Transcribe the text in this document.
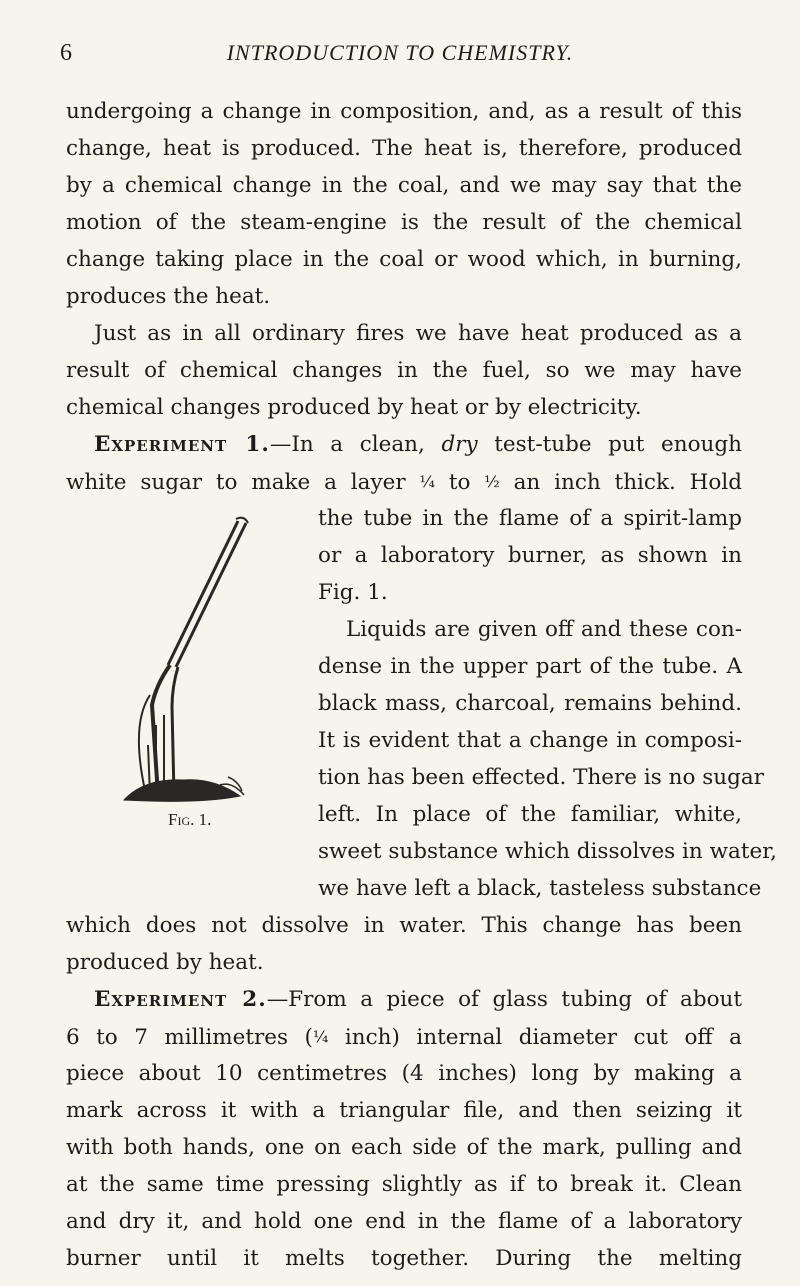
6	INTRODUCTION TO CHEMISTRY.
undergoing a change in composition, and, as a result of this
change, heat is produced. The heat is, therefore, produced
by a chemical change in the coal, and we may say that the
motion of the steam-engine is the result of the chemical
change taking place in the coal or wood which, in burning,
produces the heat.
Just as in all ordinary fires we have heat produced as a
result of chemical changes in the fuel, so we may have
chemical changes produced by heat or by electricity.
Experiment 1.—In a clean, dry test-tube put enough
white sugar to make a layer ¼ to ½ an inch thick. Hold
Fig. 1.
the tube in the flame of a spirit-lamp
or a laboratory burner, as shown in
Fig. 1.
Liquids are given off and these con-
dense in the upper part of the tube. A
black mass, charcoal, remains behind.
It is evident that a change in composi-
tion has been effected. There is no sugar
left. In place of the familiar, white,
sweet substance which dissolves in water,
we have left a black, tasteless substance
which does not dissolve in water. This change has been
produced by heat.
Experiment 2.—From a piece of glass tubing of about
6 to 7 millimetres (¼ inch) internal diameter cut off a
piece about 10 centimetres (4 inches) long by making a
mark across it with a triangular file, and then seizing it
with both hands, one on each side of the mark, pulling and
at the same time pressing slightly as if to break it. Clean
and dry it, and hold one end in the flame of a laboratory
burner until it melts together. During the melting
